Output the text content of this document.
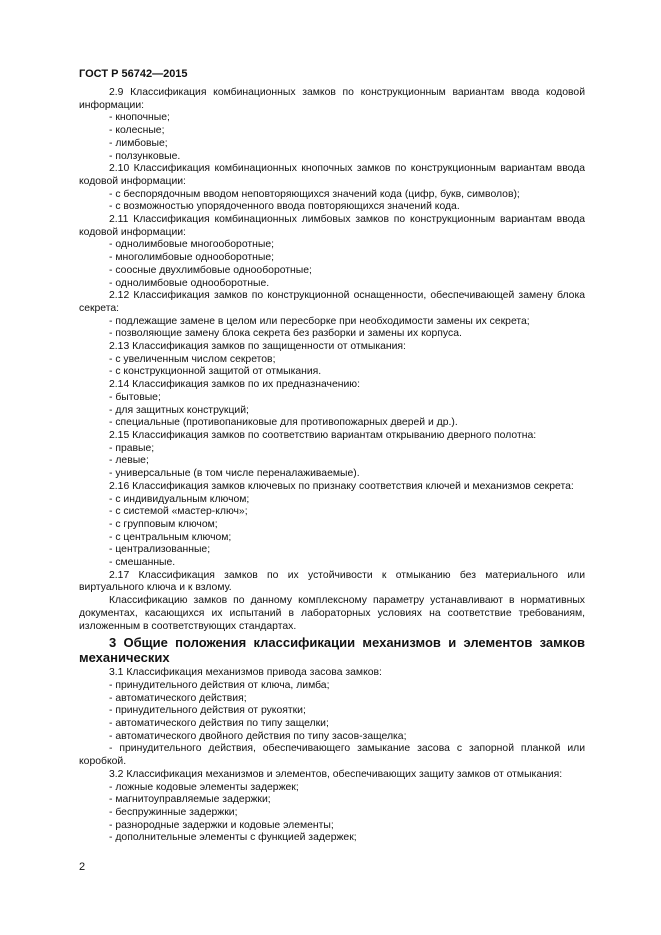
ГОСТ Р 56742—2015

2.9 Классификация комбинационных замков по конструкционным вариантам ввода кодовой информации:

- кнопочные;

- колесные;

- лимбовые;

- ползунковые.

2.10 Классификация комбинационных кнопочных замков по конструкционным вариантам ввода кодовой информации:

- с беспорядочным вводом неповторяющихся значений кода (цифр, букв, символов);

- с возможностью упорядоченного ввода повторяющихся значений кода.

2.11 Классификация комбинационных лимбовых замков по конструкционным вариантам ввода кодовой информации:

- однолимбовые многооборотные;

- многолимбовые однооборотные;

- соосные двухлимбовые однооборотные;

- однолимбовые однооборотные.

2.12 Классификация замков по конструкционной оснащенности, обеспечивающей замену блока секрета:

- подлежащие замене в целом или пересборке при необходимости замены их секрета;

- позволяющие замену блока секрета без разборки и замены их корпуса.

2.13 Классификация замков по защищенности от отмыкания:

- с увеличенным числом секретов;

- с конструкционной защитой от отмыкания.

2.14 Классификация замков по их предназначению:

- бытовые;

- для защитных конструкций;

- специальные (противопаниковые для противопожарных дверей и др.).

2.15 Классификация замков по соответствию вариантам открыванию дверного полотна:

- правые;

- левые;

- универсальные (в том числе переналаживаемые).

2.16 Классификация замков ключевых по признаку соответствия ключей и механизмов секрета:

- с индивидуальным ключом;

- с системой «мастер-ключ»;

- с групповым ключом;

- с центральным ключом;

- централизованные;

- смешанные.

2.17 Классификация замков по их устойчивости к отмыканию без материального или виртуального ключа и к взлому.

Классификацию замков по данному комплексному параметру устанавливают в нормативных документах, касающихся их испытаний в лабораторных условиях на соответствие требованиям, изложенным в соответствующих стандартах.

3 Общие положения классификации механизмов и элементов замков механических

3.1 Классификация механизмов привода засова замков:

- принудительного действия от ключа, лимба;

- автоматического действия;

- принудительного действия от рукоятки;

- автоматического действия по типу защелки;

- автоматического двойного действия по типу засов-защелка;

- принудительного действия, обеспечивающего замыкание засова с запорной планкой или коробкой.

3.2 Классификация механизмов и элементов, обеспечивающих защиту замков от отмыкания:

- ложные кодовые элементы задержек;

- магнитоуправляемые задержки;

- беспружинные задержки;

- разнородные задержки и кодовые элементы;

- дополнительные элементы с функцией задержек;

2
